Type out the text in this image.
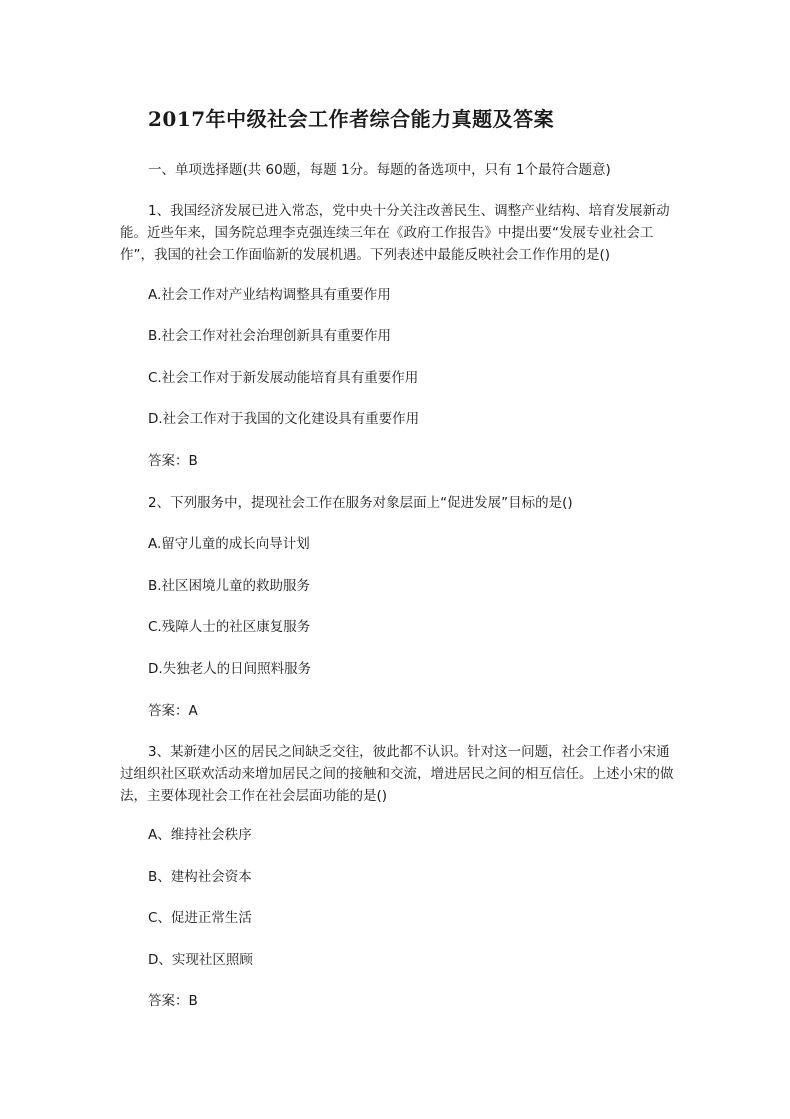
2017年中级社会工作者综合能力真题及答案
一、单项选择题(共 60题，每题 1分。每题的备选项中，只有 1个最符合题意)
1、我国经济发展已进入常态，党中央十分关注改善民生、调整产业结构、培育发展新动能。近些年来，国务院总理李克强连续三年在《政府工作报告》中提出要“发展专业社会工作”，我国的社会工作面临新的发展机遇。下列表述中最能反映社会工作作用的是()
A.社会工作对产业结构调整具有重要作用
B.社会工作对社会治理创新具有重要作用
C.社会工作对于新发展动能培育具有重要作用
D.社会工作对于我国的文化建设具有重要作用
答案：B
2、下列服务中，提现社会工作在服务对象层面上“促进发展”目标的是()
A.留守儿童的成长向导计划
B.社区困境儿童的救助服务
C.残障人士的社区康复服务
D.失独老人的日间照料服务
答案：A
3、某新建小区的居民之间缺乏交往，彼此都不认识。针对这一问题，社会工作者小宋通过组织社区联欢活动来增加居民之间的接触和交流，增进居民之间的相互信任。上述小宋的做法，主要体现社会工作在社会层面功能的是()
A、维持社会秩序
B、建构社会资本
C、促进正常生活
D、实现社区照顾
答案：B
